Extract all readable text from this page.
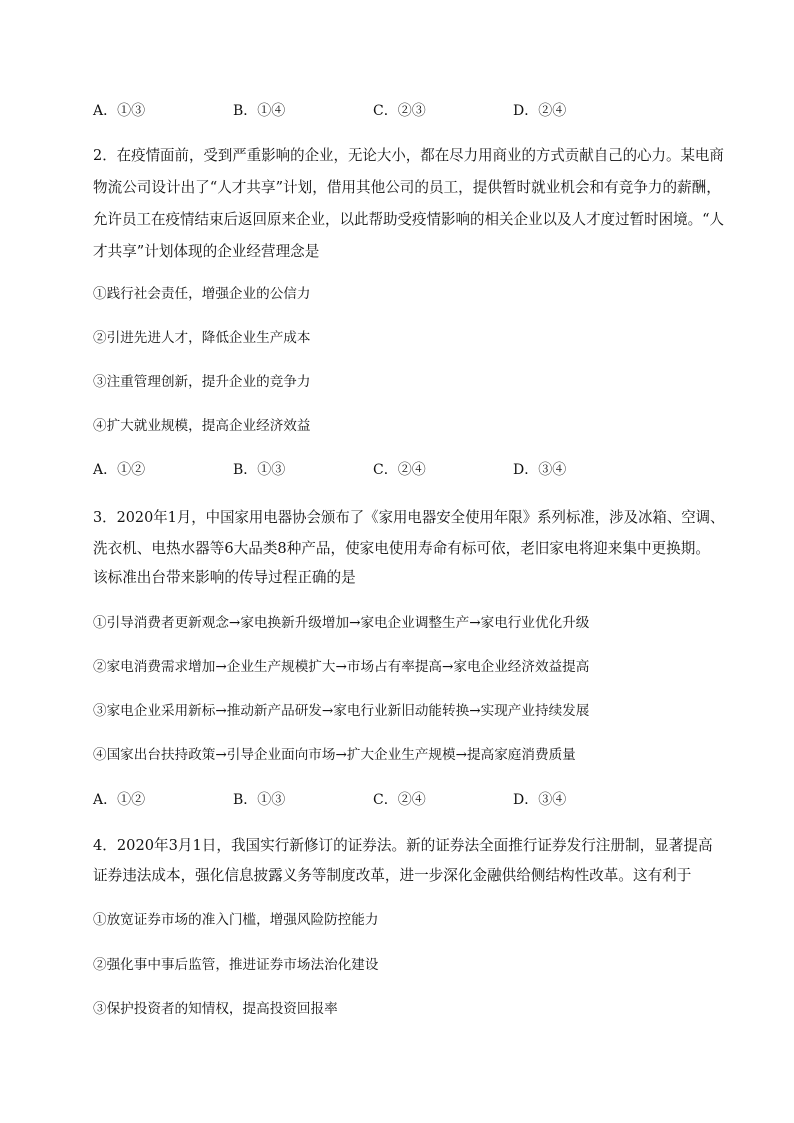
A．①③	B．①④	C．②③	D．②④
2．在疫情面前，受到严重影响的企业，无论大小，都在尽力用商业的方式贡献自己的心力。某电商
物流公司设计出了“人才共享”计划，借用其他公司的员工，提供暂时就业机会和有竞争力的薪酬，
允许员工在疫情结束后返回原来企业，以此帮助受疫情影响的相关企业以及人才度过暂时困境。“人
才共享”计划体现的企业经营理念是
①践行社会责任，增强企业的公信力
②引进先进人才，降低企业生产成本
③注重管理创新，提升企业的竞争力
④扩大就业规模，提高企业经济效益
A．①②	B．①③	C．②④	D．③④
3．2020年1月，中国家用电器协会颁布了《家用电器安全使用年限》系列标准，涉及冰箱、空调、
洗衣机、电热水器等6大品类8种产品，使家电使用寿命有标可依，老旧家电将迎来集中更换期。
该标准出台带来影响的传导过程正确的是
①引导消费者更新观念→家电换新升级增加→家电企业调整生产→家电行业优化升级
②家电消费需求增加→企业生产规模扩大→市场占有率提高→家电企业经济效益提高
③家电企业采用新标→推动新产品研发→家电行业新旧动能转换→实现产业持续发展
④国家出台扶持政策→引导企业面向市场→扩大企业生产规模→提高家庭消费质量
A．①②	B．①③	C．②④	D．③④
4．2020年3月1日，我国实行新修订的证券法。新的证券法全面推行证券发行注册制，显著提高
证券违法成本，强化信息披露义务等制度改革，进一步深化金融供给侧结构性改革。这有利于
①放宽证券市场的准入门槛，增强风险防控能力
②强化事中事后监管，推进证券市场法治化建设
③保护投资者的知情权，提高投资回报率
